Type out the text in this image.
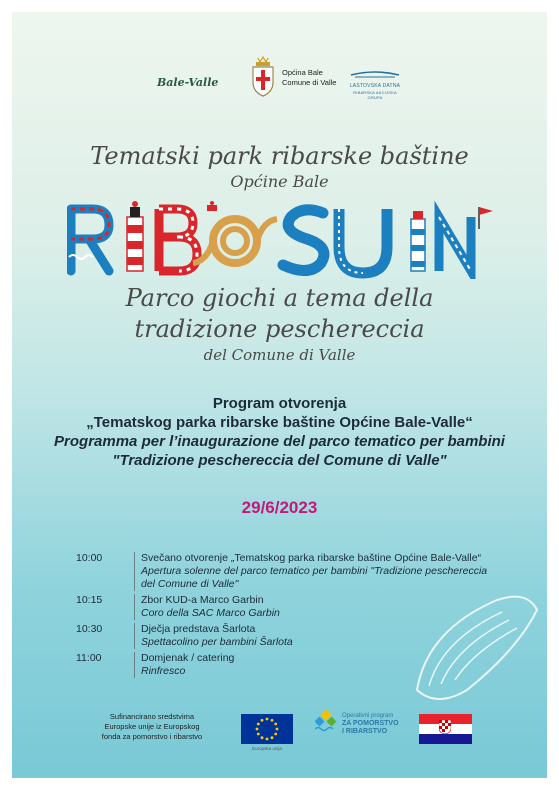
Bale-Valle
Općina Bale
Comune di Valle	LASTOVSKA DATNA
RIBARSKA AKCIJSKA GRUPA
Tematski park ribarske baštine
Općine Bale
Parco giochi a tema della
tradizione peschereccia
del Comune di Valle
Program otvorenja
„Tematskog parka ribarske baštine Općine Bale-Valle“
Programma per l’inaugurazione del parco tematico per bambini
"Tradizione peschereccia del Comune di Valle"
29/6/2023
10:00	Svečano otvorenje „Tematskog parka ribarske baštine Općine Bale-Valle“
Apertura solenne del parco tematico per bambini "Tradizione peschereccia del Comune di Valle"
10:15	Zbor KUD-a Marco Garbin
Coro della SAC Marco Garbin
10:30	Dječja predstava Šarlota
Spettacolino per bambini Šarlota
11:00	Domjenak / catering
Rinfresco
Sufinancirano sredstvima
Europske unije iz Europskog
fonda za pomorstvo i ribarstvo
Europska unija
Operativni program
ZA POMORSTVO
I RIBARSTVO
